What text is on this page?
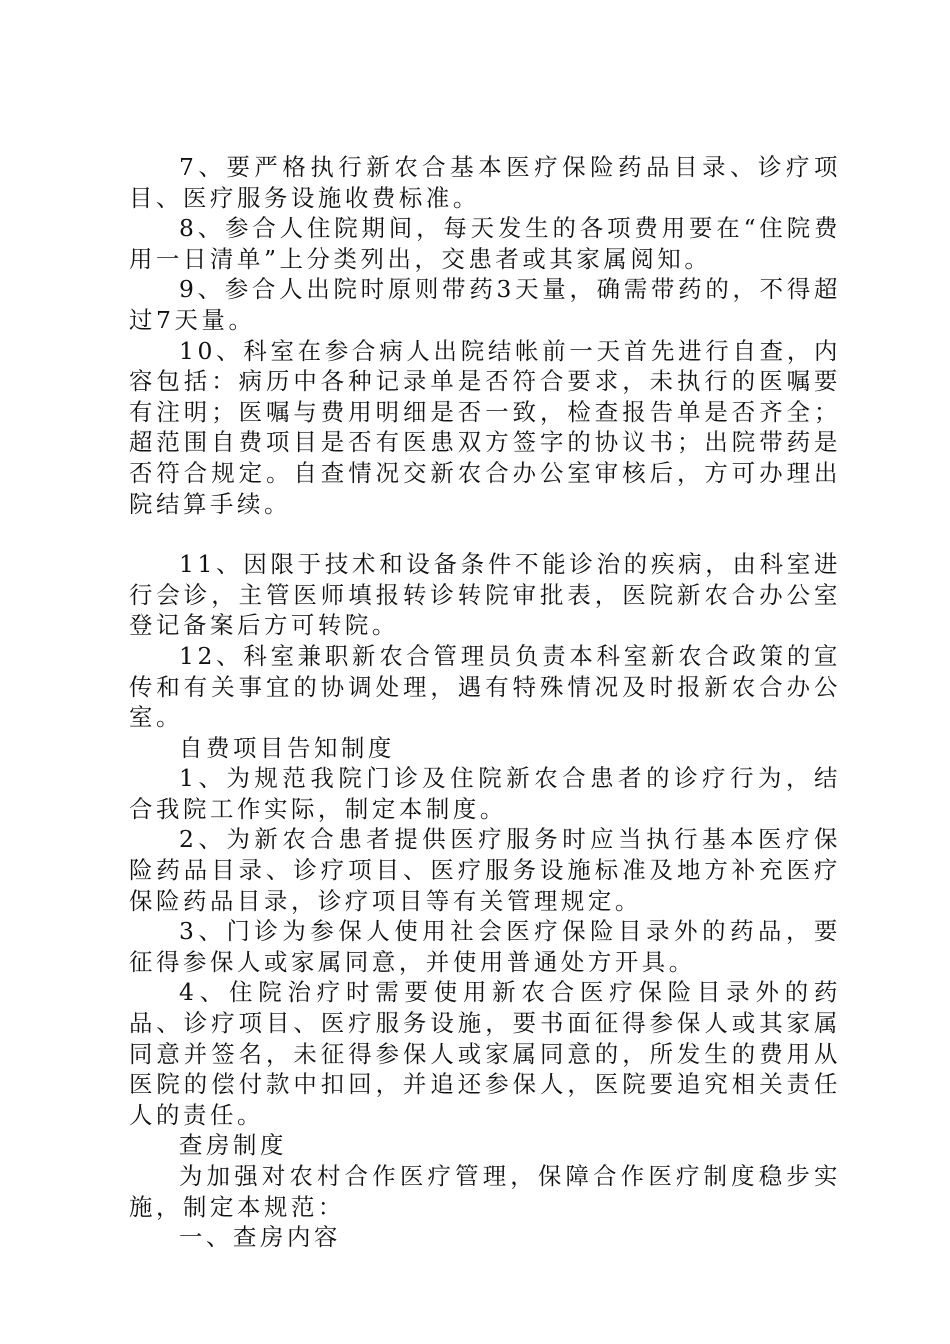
7、要严格执行新农合基本医疗保险药品目录、诊疗项目、医疗服务设施收费标准。

8、参合人住院期间，每天发生的各项费用要在“住院费用一日清单”上分类列出，交患者或其家属阅知。

9、参合人出院时原则带药3天量，确需带药的，不得超过7天量。

10、科室在参合病人出院结帐前一天首先进行自查，内容包括：病历中各种记录单是否符合要求，未执行的医嘱要有注明；医嘱与费用明细是否一致，检查报告单是否齐全；超范围自费项目是否有医患双方签字的协议书；出院带药是否符合规定。自查情况交新农合办公室审核后，方可办理出院结算手续。

11、因限于技术和设备条件不能诊治的疾病，由科室进行会诊，主管医师填报转诊转院审批表，医院新农合办公室登记备案后方可转院。

12、科室兼职新农合管理员负责本科室新农合政策的宣传和有关事宜的协调处理，遇有特殊情况及时报新农合办公室。

自费项目告知制度

1、为规范我院门诊及住院新农合患者的诊疗行为，结合我院工作实际，制定本制度。

2、为新农合患者提供医疗服务时应当执行基本医疗保险药品目录、诊疗项目、医疗服务设施标准及地方补充医疗保险药品目录，诊疗项目等有关管理规定。

3、门诊为参保人使用社会医疗保险目录外的药品，要征得参保人或家属同意，并使用普通处方开具。

4、住院治疗时需要使用新农合医疗保险目录外的药品、诊疗项目、医疗服务设施，要书面征得参保人或其家属同意并签名，未征得参保人或家属同意的，所发生的费用从医院的偿付款中扣回，并追还参保人，医院要追究相关责任人的责任。

查房制度

为加强对农村合作医疗管理，保障合作医疗制度稳步实施，制定本规范：

一、查房内容
